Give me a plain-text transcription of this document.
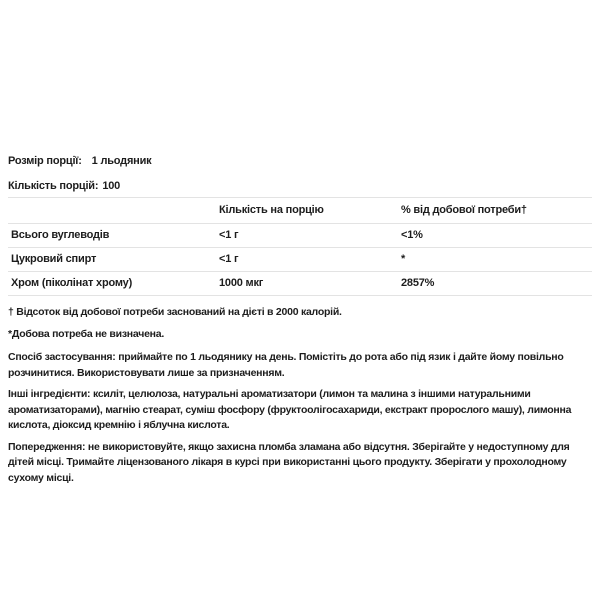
Розмір порції: 1 льодяник
Кількість порцій: 100
	Кількість на порцію	% від добової потреби†
Всього вуглеводів	<1 г	<1%
Цукровий спирт	<1 г	*
Хром (піколінат хрому)	1000 мкг	2857%

† Відсоток від добової потреби заснований на дієті в 2000 калорій.

*Добова потреба не визначена.

Спосіб застосування: приймайте по 1 льодянику на день. Помістіть до рота або під язик і дайте йому повільно розчинитися. Використовувати лише за призначенням.

Інші інгредієнти: ксиліт, целюлоза, натуральні ароматизатори (лимон та малина з іншими натуральними ароматизаторами), магнію стеарат, суміш фосфору (фруктоолігосахариди, екстракт пророслого машу), лимонна кислота, діоксид кремнію і яблучна кислота.

Попередження: не використовуйте, якщо захисна пломба зламана або відсутня. Зберігайте у недоступному для дітей місці. Тримайте ліцензованого лікаря в курсі при використанні цього продукту. Зберігати у прохолодному сухому місці.
